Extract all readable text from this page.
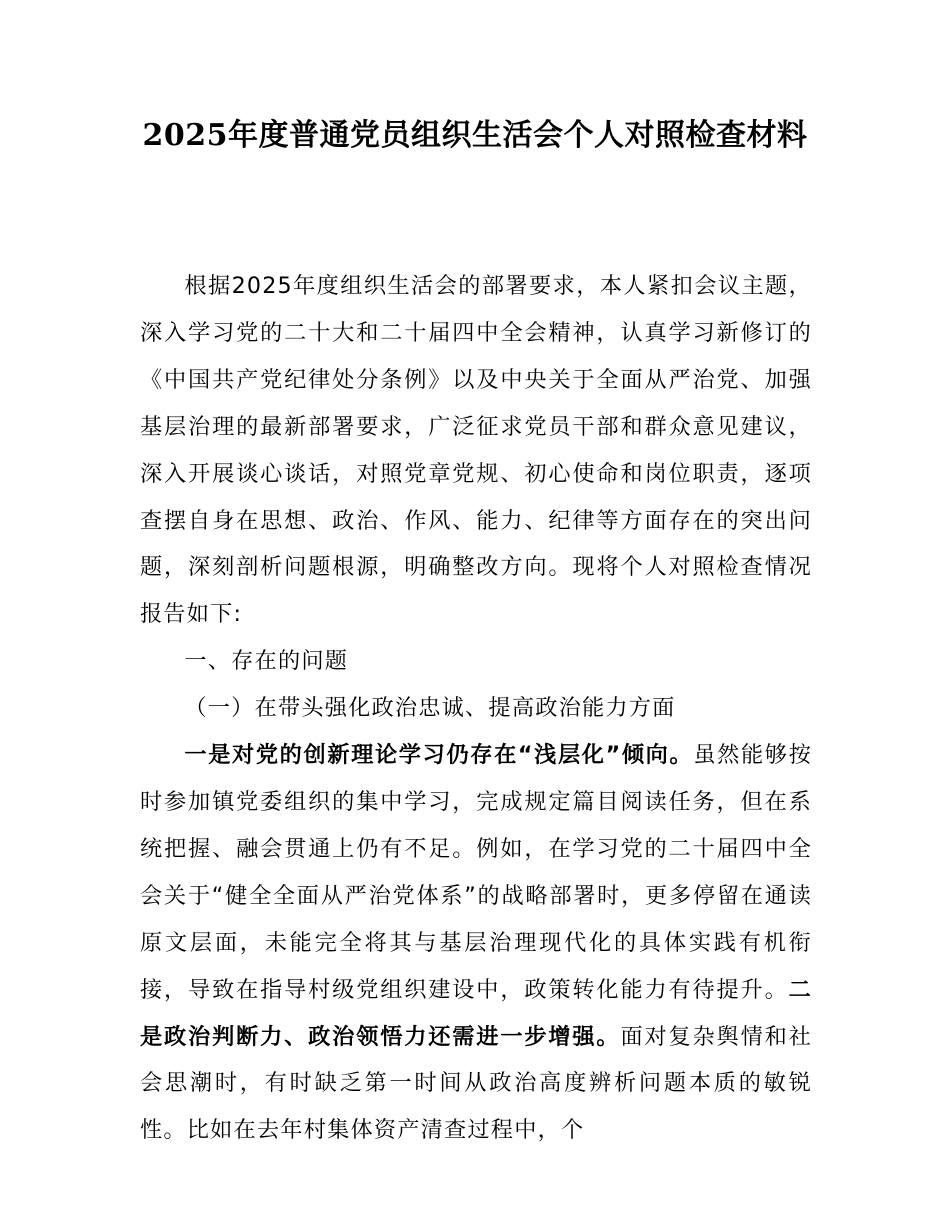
2025年度普通党员组织生活会个人对照检查材料

根据2025年度组织生活会的部署要求，本人紧扣会议主题，深入学习党的二十大和二十届四中全会精神，认真学习新修订的《中国共产党纪律处分条例》以及中央关于全面从严治党、加强基层治理的最新部署要求，广泛征求党员干部和群众意见建议，深入开展谈心谈话，对照党章党规、初心使命和岗位职责，逐项查摆自身在思想、政治、作风、能力、纪律等方面存在的突出问题，深刻剖析问题根源，明确整改方向。现将个人对照检查情况报告如下:

一、存在的问题

（一）在带头强化政治忠诚、提高政治能力方面

一是对党的创新理论学习仍存在“浅层化”倾向。虽然能够按时参加镇党委组织的集中学习，完成规定篇目阅读任务，但在系统把握、融会贯通上仍有不足。例如，在学习党的二十届四中全会关于“健全全面从严治党体系”的战略部署时，更多停留在通读原文层面，未能完全将其与基层治理现代化的具体实践有机衔接，导致在指导村级党组织建设中，政策转化能力有待提升。二是政治判断力、政治领悟力还需进一步增强。面对复杂舆情和社会思潮时，有时缺乏第一时间从政治高度辨析问题本质的敏锐性。比如在去年村集体资产清查过程中，个
